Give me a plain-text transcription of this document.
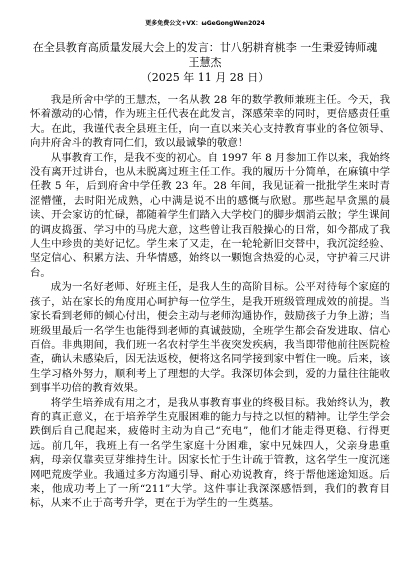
更多免费公文+VX：ωGeGongWen2024
在全县教育高质量发展大会上的发言：廿八躬耕育桃李 一生秉爱铸师魂
王慧杰
（2025 年 11 月 28 日）

我是所舍中学的王慧杰，一名从教 28 年的数学教师兼班主任。今天，我怀着激动的心情，作为班主任代表在此发言，深感荣幸的同时，更倍感责任重大。在此，我谨代表全县班主任，向一直以来关心支持教育事业的各位领导、向井府舍斗的教育同仁们，致以最诚挚的敬意！

从事教育工作，是我不变的初心。自 1997 年 8 月参加工作以来，我始终没有离开过讲台，也从未脱离过班主任工作。我的履历十分简单，在麻镇中学任教 5 年，后到府舍中学任教 23 年。28 年间，我见证着一批批学生来时青涩懵懂，去时阳光成熟，心中满是说不出的感慨与欣慰。那些起早贪黑的晨读、开会家访的忙碌，都随着学生们踏入大学校门的脚步烟消云散；学生课间的调皮捣蛋、学习中的马虎大意，这些曾让我百般操心的日常，如今都成了我人生中珍贵的美好记忆。学生来了又走，在一轮轮新旧交替中，我沉淀经验、坚定信心、积累方法、升华情感，始终以一颗饱含热爱的心灵，守护着三尺讲台。

成为一名好老师、好班主任，是我人生的高阶目标。公平对待每个家庭的孩子，站在家长的角度用心呵护每一位学生，是我开班级管理成效的前提。当家长看到老师的倾心付出，便会主动与老师沟通协作，鼓励孩子力争上游；当班级里最后一名学生也能得到老师的真诚鼓励，全班学生都会奋发进取、信心百倍。非典期间，我们班一名农村学生半夜突发疾病，我当即带他前往医院检查，确认未感染后，因无法返校，便将这名同学接到家中暂住一晚。后来，该生学习格外努力，顺利考上了理想的大学。我深切体会到，爱的力量往往能收到事半功倍的教育效果。

将学生培养成有用之才，是我从事教育事业的终极目标。我始终认为，教育的真正意义，在于培养学生克服困难的能力与持之以恒的精神。让学生学会跌倒后自己爬起来，疲倦时主动为自己“充电”，他们才能走得更稳、行得更远。前几年，我班上有一名学生家庭十分困难，家中兄妹四人，父亲身患重病，母亲仅靠卖豆芽维持生计。因家长忙于生计疏于管教，这名学生一度沉迷网吧荒废学业。我通过多方沟通引导、耐心劝说教育，终于帮他迷途知返。后来，他成功考上了一所“211”大学。这件事让我深深感悟到，我们的教育目标，从来不止于高考升学，更在于为学生的一生奠基。
